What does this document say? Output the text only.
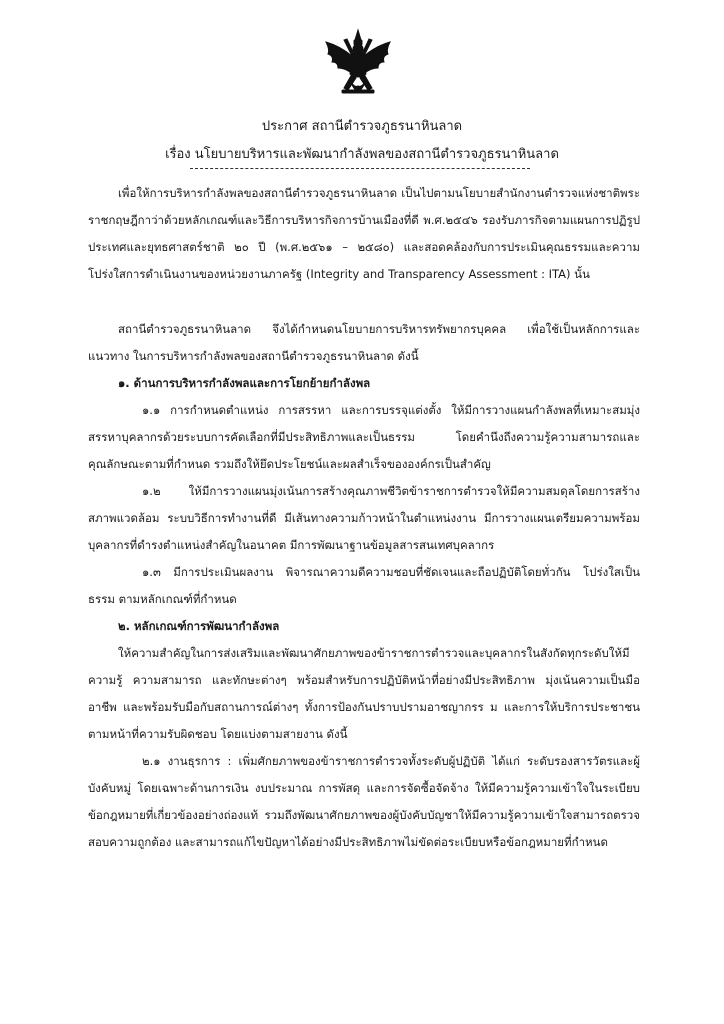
ประกาศ สถานีตำรวจภูธรนาหินลาด
เรื่อง นโยบายบริหารและพัฒนากำลังพลของสถานีตำรวจภูธรนาหินลาด

เพื่อให้การบริหารกำลังพลของสถานีตำรวจภูธรนาหินลาด เป็นไปตามนโยบายสำนักงานตำรวจแห่งชาติพระราชกฤษฎีกาว่าด้วยหลักเกณฑ์และวิธีการบริหารกิจการบ้านเมืองที่ดี พ.ศ.๒๕๔๖ รองรับภารกิจตามแผนการปฏิรูปประเทศและยุทธศาสตร์ชาติ ๒๐ ปี (พ.ศ.๒๕๖๑ – ๒๕๘๐) และสอดคล้องกับการประเมินคุณธรรมและความโปร่งใสการดำเนินงานของหน่วยงานภาครัฐ (Integrity and Transparency Assessment : ITA) นั้น

สถานีตำรวจภูธรนาหินลาด จึงได้กำหนดนโยบายการบริหารทรัพยากรบุคคล เพื่อใช้เป็นหลักการและแนวทาง ในการบริหารกำลังพลของสถานีตำรวจภูธรนาหินลาด ดังนี้

๑. ด้านการบริหารกำลังพลและการโยกย้ายกำลังพล

๑.๑ การกำหนดตำแหน่ง การสรรหา และการบรรจุแต่งตั้ง ให้มีการวางแผนกำลังพลที่เหมาะสมมุ่งสรรหาบุคลากรด้วยระบบการคัดเลือกที่มีประสิทธิภาพและเป็นธรรม โดยคำนึงถึงความรู้ความสามารถและคุณลักษณะตามที่กำหนด รวมถึงให้ยึดประโยชน์และผลสำเร็จขององค์กรเป็นสำคัญ

๑.๒ ให้มีการวางแผนมุ่งเน้นการสร้างคุณภาพชีวิตข้าราชการตำรวจให้มีความสมดุลโดยการสร้างสภาพแวดล้อม ระบบวิธีการทำงานที่ดี มีเส้นทางความก้าวหน้าในตำแหน่งงาน มีการวางแผนเตรียมความพร้อมบุคลากรที่ดำรงตำแหน่งสำคัญในอนาคต มีการพัฒนาฐานข้อมูลสารสนเทศบุคลากร

๑.๓ มีการประเมินผลงาน พิจารณาความดีความชอบที่ชัดเจนและถือปฏิบัติโดยทั่วกัน โปร่งใสเป็นธรรม ตามหลักเกณฑ์ที่กำหนด

๒. หลักเกณฑ์การพัฒนากำลังพล

ให้ความสำคัญในการส่งเสริมและพัฒนาศักยภาพของข้าราชการตำรวจและบุคลากรในสังกัดทุกระดับให้มีความรู้ ความสามารถ และทักษะต่างๆ พร้อมสำหรับการปฏิบัติหน้าที่อย่างมีประสิทธิภาพ มุ่งเน้นความเป็นมืออาชีพ และพร้อมรับมือกับสถานการณ์ต่างๆ ทั้งการป้องกันปราบปรามอาชญากรร ม และการให้บริการประชาชน ตามหน้าที่ความรับผิดชอบ โดยแบ่งตามสายงาน ดังนี้

๒.๑ งานธุรการ : เพิ่มศักยภาพของข้าราชการตำรวจทั้งระดับผู้ปฏิบัติ ได้แก่ ระดับรองสารวัตรและผู้บังคับหมู่ โดยเฉพาะด้านการเงิน งบประมาณ การพัสดุ และการจัดซื้อจัดจ้าง ให้มีความรู้ความเข้าใจในระเบียบข้อกฎหมายที่เกี่ยวข้องอย่างถ่องแท้ รวมถึงพัฒนาศักยภาพของผู้บังคับบัญชาให้มีความรู้ความเข้าใจสามารถตรวจสอบความถูกต้อง และสามารถแก้ไขปัญหาได้อย่างมีประสิทธิภาพไม่ขัดต่อระเบียบหรือข้อกฎหมายที่กำหนด
